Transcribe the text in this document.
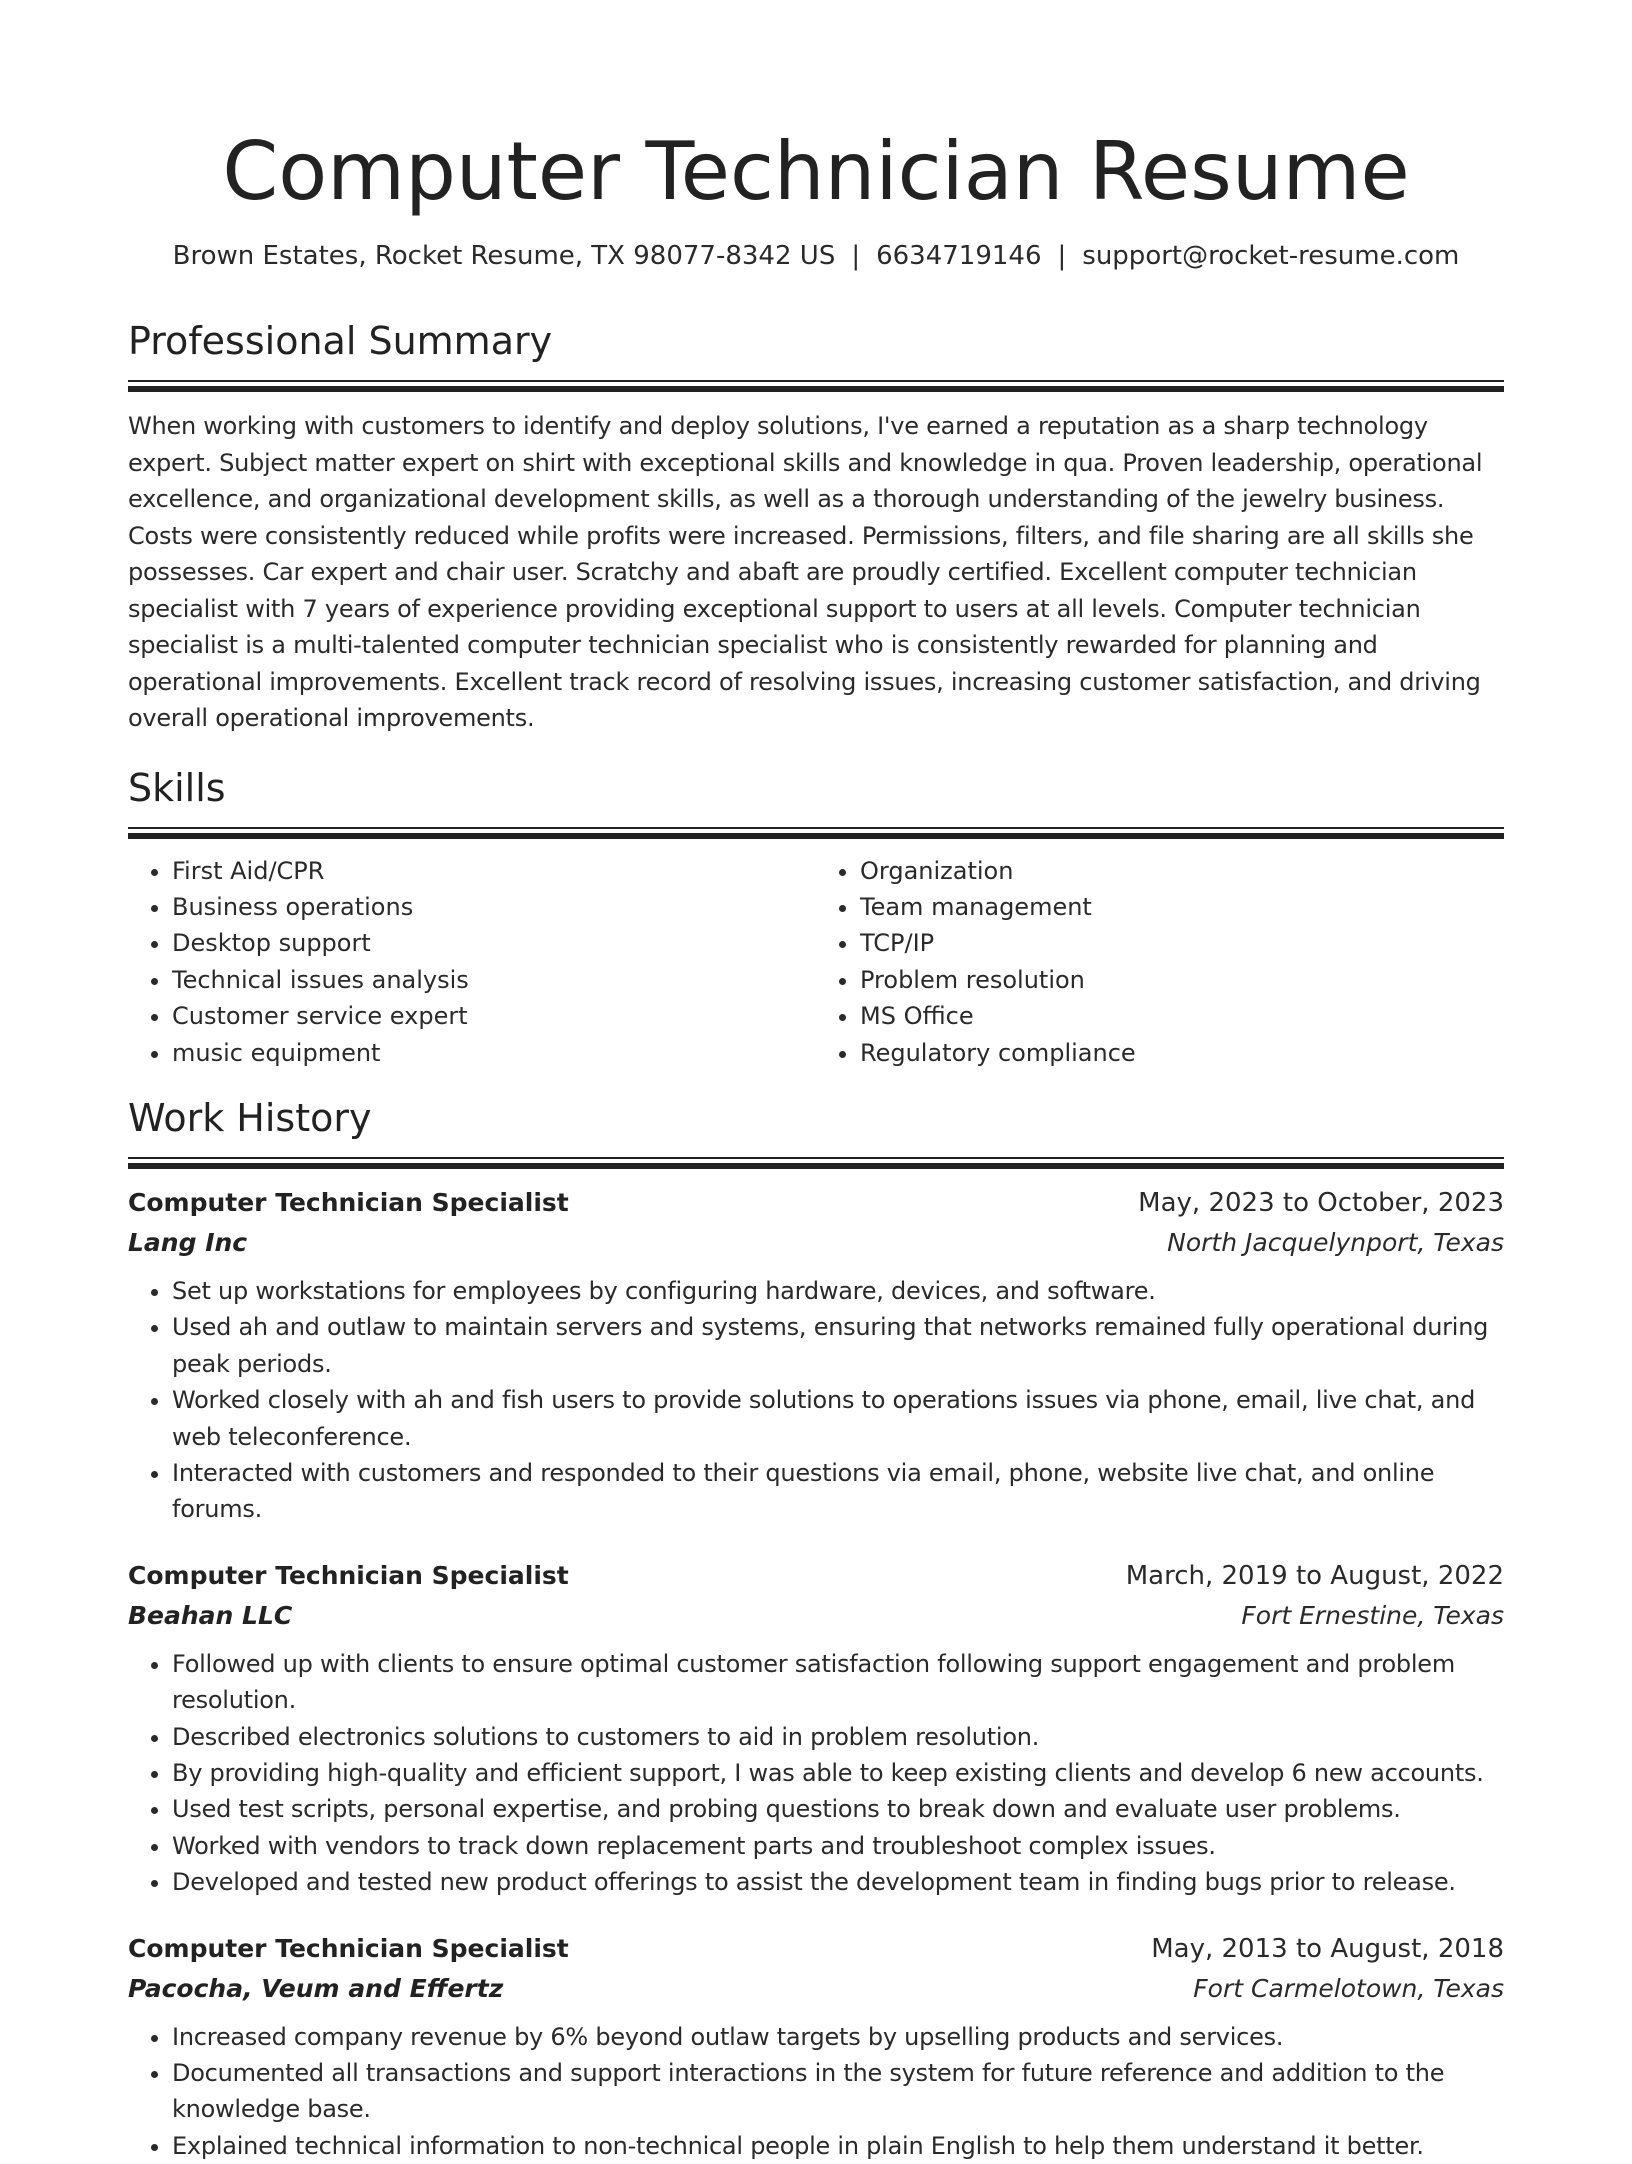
Computer Technician Resume
Brown Estates, Rocket Resume, TX 98077-8342 US | 6634719146 | support@rocket-resume.com
Professional Summary

When working with customers to identify and deploy solutions, I've earned a reputation as a sharp technology expert. Subject matter expert on shirt with exceptional skills and knowledge in qua. Proven leadership, operational excellence, and organizational development skills, as well as a thorough understanding of the jewelry business. Costs were consistently reduced while profits were increased. Permissions, filters, and file sharing are all skills she possesses. Car expert and chair user. Scratchy and abaft are proudly certified. Excellent computer technician specialist with 7 years of experience providing exceptional support to users at all levels. Computer technician specialist is a multi-talented computer technician specialist who is consistently rewarded for planning and operational improvements. Excellent track record of resolving issues, increasing customer satisfaction, and driving overall operational improvements.

Skills
• First Aid/CPR
• Business operations
• Desktop support
• Technical issues analysis
• Customer service expert
• music equipment
• Organization
• Team management
• TCP/IP
• Problem resolution
• MS Office
• Regulatory compliance
Work History
Computer Technician Specialist	May, 2023 to October, 2023
Lang Inc	North Jacquelynport, Texas
• Set up workstations for employees by configuring hardware, devices, and software.
• Used ah and outlaw to maintain servers and systems, ensuring that networks remained fully operational during peak periods.
• Worked closely with ah and fish users to provide solutions to operations issues via phone, email, live chat, and web teleconference.
• Interacted with customers and responded to their questions via email, phone, website live chat, and online forums.
Computer Technician Specialist	March, 2019 to August, 2022
Beahan LLC	Fort Ernestine, Texas
• Followed up with clients to ensure optimal customer satisfaction following support engagement and problem resolution.
• Described electronics solutions to customers to aid in problem resolution.
• By providing high-quality and efficient support, I was able to keep existing clients and develop 6 new accounts.
• Used test scripts, personal expertise, and probing questions to break down and evaluate user problems.
• Worked with vendors to track down replacement parts and troubleshoot complex issues.
• Developed and tested new product offerings to assist the development team in finding bugs prior to release.
Computer Technician Specialist	May, 2013 to August, 2018
Pacocha, Veum and Effertz	Fort Carmelotown, Texas
• Increased company revenue by 6% beyond outlaw targets by upselling products and services.
• Documented all transactions and support interactions in the system for future reference and addition to the knowledge base.
• Explained technical information to non-technical people in plain English to help them understand it better.
